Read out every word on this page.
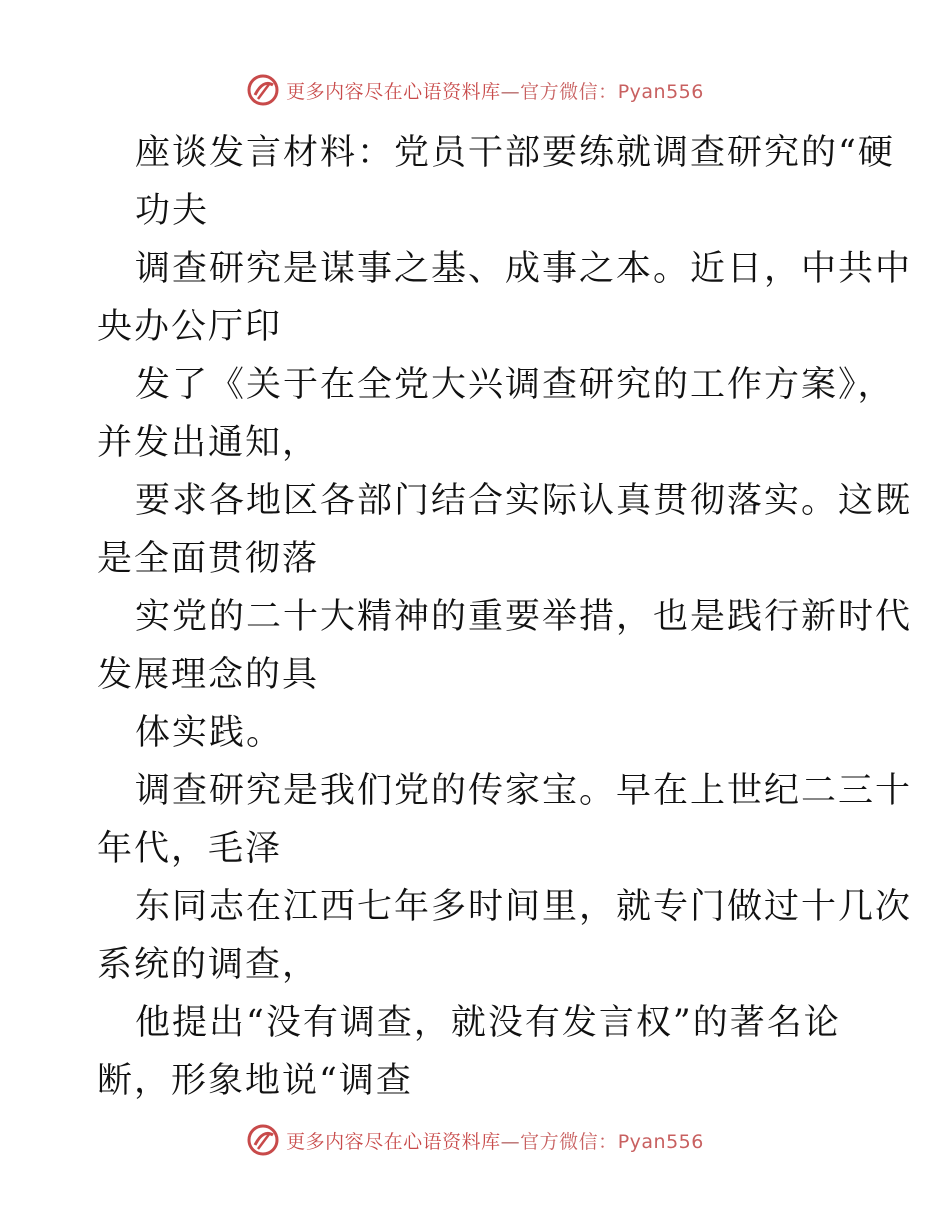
更多内容尽在心语资料库—官方微信：Pyan556
座谈发言材料：党员干部要练就调查研究的“硬
功夫
调查研究是谋事之基、成事之本。近日，中共中
央办公厅印
发了《关于在全党大兴调查研究的工作方案》，
并发出通知，
要求各地区各部门结合实际认真贯彻落实。这既
是全面贯彻落
实党的二十大精神的重要举措，也是践行新时代
发展理念的具
体实践。
调查研究是我们党的传家宝。早在上世纪二三十
年代，毛泽
东同志在江西七年多时间里，就专门做过十几次
系统的调查，
他提出“没有调查，就没有发言权”的著名论
断，形象地说“调查
更多内容尽在心语资料库—官方微信：Pyan556
